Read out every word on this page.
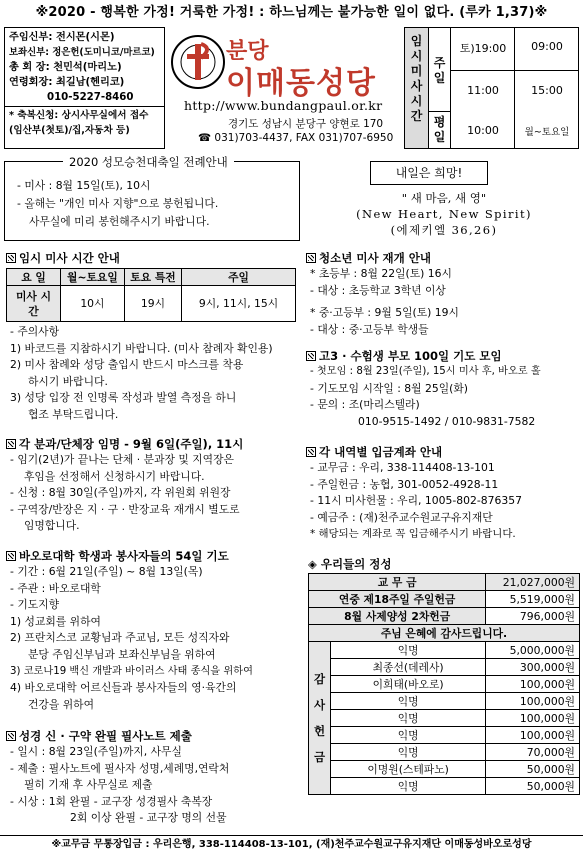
※2020 - 행복한 가정! 거룩한 가정! : 하느님께는 불가능한 일이 없다. (루카 1,37)※
주임신부: 전시몬(시몬)
보좌신부: 정은헌(도미니코/마르코)
총 회 장: 천민석(마리노)
연령회장: 최길남(헨리코)
010-5227-8460
* 축복신청: 상시사무실에서 접수
(임산부(첫토)/집,자동차 등)
분당
이매동성당
http://www.bundangpaul.or.kr
경기도 성남시 분당구 양현로 170
☎ 031)703-4437, FAX 031)707-6950
임시미사시간
주일
평일
토)19:00	09:00
11:00	15:00
10:00	월~토요일
2020 성모승천대축일 전례안내
- 미사 : 8월 15일(토), 10시
- 올해는 "개인 미사 지향"으로 봉헌됩니다.
사무실에 미리 봉헌해주시기 바랍니다.
내일은 희망!
" 새 마음, 새 영"
(New Heart, New Spirit)
(에제키엘 36,26)
임시 미사 시간 안내
요 일	월~토요일	토요 특전	주일
미사 시간	10시	19시	9시, 11시, 15시
- 주의사항
1) 바코드를 지참하시기 바랍니다. (미사 참례자 확인용)
2) 미사 참례와 성당 출입시 반드시 마스크를 착용
하시기 바랍니다.
3) 성당 입장 전 인명록 작성과 발열 측정을 하니
협조 부탁드립니다.
각 분과/단체장 임명 - 9월 6일(주일), 11시
- 임기(2년)가 끝나는 단체 · 분과장 및 지역장은
후임을 선정해서 신청하시기 바랍니다.
- 신청 : 8월 30일(주일)까지, 각 위원회 위원장
- 구역장/반장은 지 · 구 · 반장교육 재개시 별도로
임명합니다.
바오로대학 학생과 봉사자들의 54일 기도
- 기간 : 6월 21일(주일) ~ 8월 13일(목)
- 주관 : 바오로대학
- 기도지향
1) 성교회를 위하여
2) 프란치스코 교황님과 주교님, 모든 성직자와
분당 주임신부님과 보좌신부님을 위하여
3) 코로나19 백신 개발과 바이러스 사태 종식을 위하여
4) 바오로대학 어르신들과 봉사자들의 영·육간의
건강을 위하여
성경 신 · 구약 완필 필사노트 제출
- 일시 : 8월 23일(주일)까지, 사무실
- 제출 : 필사노트에 필사자 성명,세례명,연락처
필히 기재 후 사무실로 제출
- 시상 : 1회 완필 - 교구장 성경필사 축복장
2회 이상 완필 - 교구장 명의 선물
청소년 미사 재개 안내
* 초등부 : 8월 22일(토) 16시
- 대상 : 초등학교 3학년 이상
* 중·고등부 : 9월 5일(토) 19시
- 대상 : 중·고등부 학생들
고3 · 수험생 부모 100일 기도 모임
- 첫모임 : 8월 23일(주일), 15시 미사 후, 바오로 홀
- 기도모임 시작일 : 8월 25일(화)
- 문의 : 조(마리스텔라)
010-9515-1492 / 010-9831-7582
각 내역별 입금계좌 안내
- 교무금 : 우리, 338-114408-13-101
- 주일헌금 : 농협, 301-0052-4928-11
- 11시 미사헌물 : 우리, 1005-802-876357
- 예금주 : (재)천주교수원교구유지재단
* 해당되는 계좌로 꼭 입금해주시기 바랍니다.
◈ 우리들의 정성
교 무 금		21,027,000원
연중 제18주일 주일헌금		5,519,000원
8월 사제양성 2차헌금		796,000원
주님 은혜에 감사드립니다.		

감사헌금	익명	5,000,000원
	최종선(데레사)	300,000원
	이희태(바오로)	100,000원
	익명	100,000원
	익명	100,000원
	익명	100,000원
	익명	70,000원
	이명원(스테파노)	50,000원
	익명	50,000원
※교무금 무통장입금 : 우리은행, 338-114408-13-101, (재)천주교수원교구유지재단 이매동성바오로성당
